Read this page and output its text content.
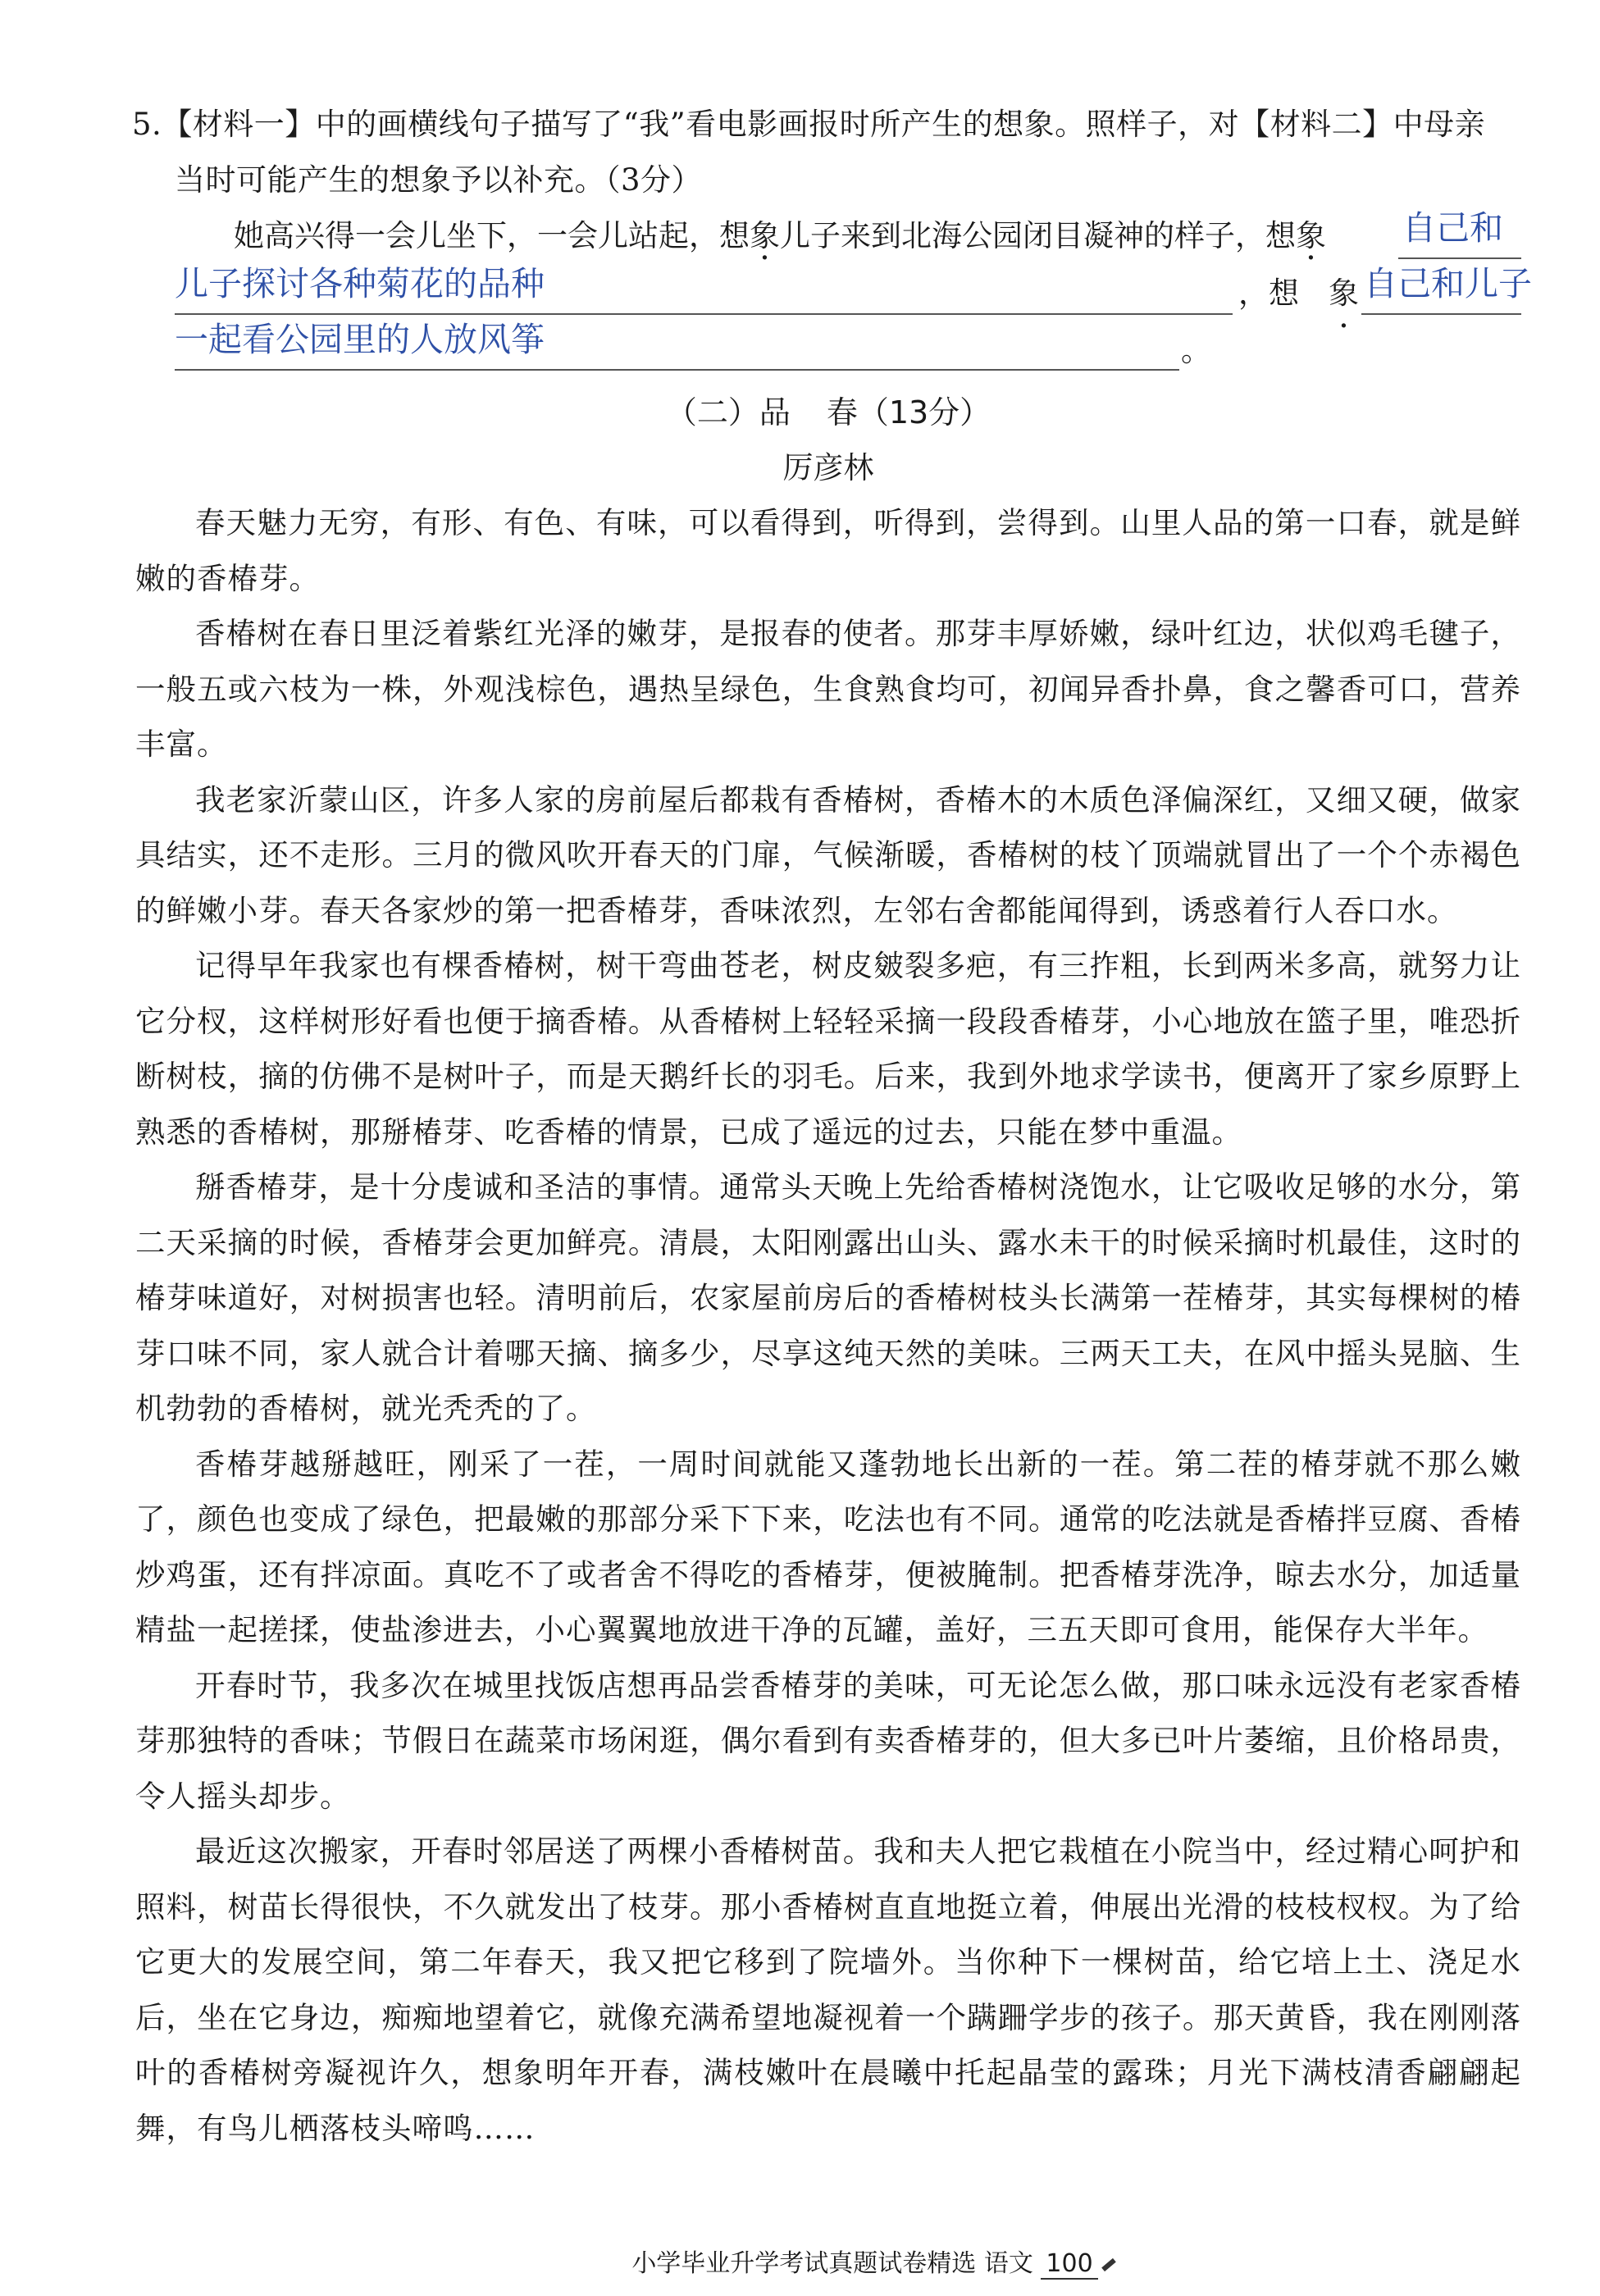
5.【材料一】中的画横线句子描写了“我”看电影画报时所产生的想象。照样子，对【材料二】中母亲
当时可能产生的想象予以补充。（3分）
她高兴得一会儿坐下，一会儿站起，想象儿子来到北海公园闭目凝神的样子，想象 自己和
儿子探讨各种菊花的品种	，想 象 · 自己和儿子
一起看公园里的人放风筝	。
（二）品 春（13分）
厉彦林

春天魅力无穷，有形、有色、有味，可以看得到，听得到，尝得到。山里人品的第一口春，就是鲜嫩的香椿芽。

香椿树在春日里泛着紫红光泽的嫩芽，是报春的使者。那芽丰厚娇嫩，绿叶红边，状似鸡毛毽子，一般五或六枝为一株，外观浅棕色，遇热呈绿色，生食熟食均可，初闻异香扑鼻，食之馨香可口，营养丰富。

我老家沂蒙山区，许多人家的房前屋后都栽有香椿树，香椿木的木质色泽偏深红，又细又硬，做家具结实，还不走形。三月的微风吹开春天的门扉，气候渐暖，香椿树的枝丫顶端就冒出了一个个赤褐色的鲜嫩小芽。春天各家炒的第一把香椿芽，香味浓烈，左邻右舍都能闻得到，诱惑着行人吞口水。

记得早年我家也有棵香椿树，树干弯曲苍老，树皮皴裂多疤，有三拃粗，长到两米多高，就努力让它分杈，这样树形好看也便于摘香椿。从香椿树上轻轻采摘一段段香椿芽，小心地放在篮子里，唯恐折断树枝，摘的仿佛不是树叶子，而是天鹅纤长的羽毛。后来，我到外地求学读书，便离开了家乡原野上熟悉的香椿树，那掰椿芽、吃香椿的情景，已成了遥远的过去，只能在梦中重温。

掰香椿芽，是十分虔诚和圣洁的事情。通常头天晚上先给香椿树浇饱水，让它吸收足够的水分，第二天采摘的时候，香椿芽会更加鲜亮。清晨，太阳刚露出山头、露水未干的时候采摘时机最佳，这时的椿芽味道好，对树损害也轻。清明前后，农家屋前房后的香椿树枝头长满第一茬椿芽，其实每棵树的椿芽口味不同，家人就合计着哪天摘、摘多少，尽享这纯天然的美味。三两天工夫，在风中摇头晃脑、生机勃勃的香椿树，就光秃秃的了。

香椿芽越掰越旺，刚采了一茬，一周时间就能又蓬勃地长出新的一茬。第二茬的椿芽就不那么嫩了，颜色也变成了绿色，把最嫩的那部分采下下来，吃法也有不同。通常的吃法就是香椿拌豆腐、香椿炒鸡蛋，还有拌凉面。真吃不了或者舍不得吃的香椿芽，便被腌制。把香椿芽洗净，晾去水分，加适量精盐一起搓揉，使盐渗进去，小心翼翼地放进干净的瓦罐，盖好，三五天即可食用，能保存大半年。

开春时节，我多次在城里找饭店想再品尝香椿芽的美味，可无论怎么做，那口味永远没有老家香椿芽那独特的香味；节假日在蔬菜市场闲逛，偶尔看到有卖香椿芽的，但大多已叶片萎缩，且价格昂贵，令人摇头却步。

最近这次搬家，开春时邻居送了两棵小香椿树苗。我和夫人把它栽植在小院当中，经过精心呵护和照料，树苗长得很快，不久就发出了枝芽。那小香椿树直直地挺立着，伸展出光滑的枝枝杈杈。为了给它更大的发展空间，第二年春天，我又把它移到了院墙外。当你种下一棵树苗，给它培上土、浇足水后，坐在它身边，痴痴地望着它，就像充满希望地凝视着一个蹒跚学步的孩子。那天黄昏，我在刚刚落叶的香椿树旁凝视许久，想象明年开春，满枝嫩叶在晨曦中托起晶莹的露珠；月光下满枝清香翩翩起舞，有鸟儿栖落枝头啼鸣……

小学毕业升学考试真题试卷精选 语文 100
